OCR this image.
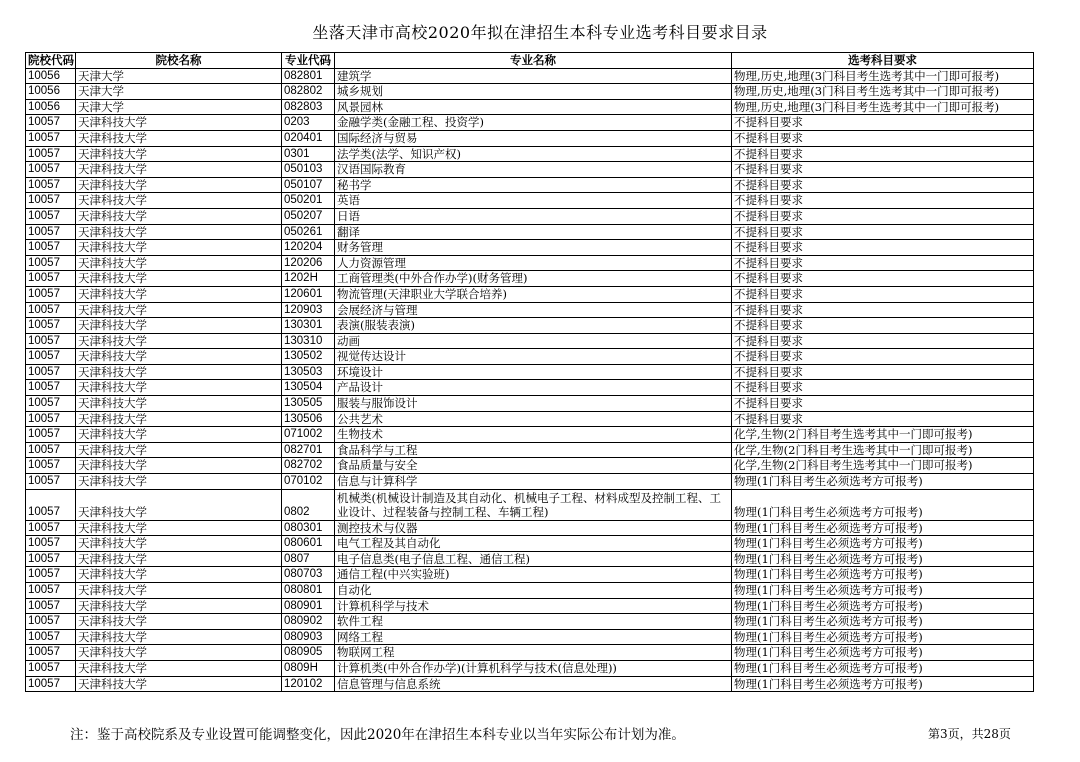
坐落天津市高校2020年拟在津招生本科专业选考科目要求目录
院校代码	院校名称	专业代码	专业名称	选考科目要求
10056	天津大学	082801	建筑学	物理,历史,地理(3门科目考生选考其中一门即可报考)
10056	天津大学	082802	城乡规划	物理,历史,地理(3门科目考生选考其中一门即可报考)
10056	天津大学	082803	风景园林	物理,历史,地理(3门科目考生选考其中一门即可报考)
10057	天津科技大学	0203	金融学类(金融工程、投资学)	不提科目要求
10057	天津科技大学	020401	国际经济与贸易	不提科目要求
10057	天津科技大学	0301	法学类(法学、知识产权)	不提科目要求
10057	天津科技大学	050103	汉语国际教育	不提科目要求
10057	天津科技大学	050107	秘书学	不提科目要求
10057	天津科技大学	050201	英语	不提科目要求
10057	天津科技大学	050207	日语	不提科目要求
10057	天津科技大学	050261	翻译	不提科目要求
10057	天津科技大学	120204	财务管理	不提科目要求
10057	天津科技大学	120206	人力资源管理	不提科目要求
10057	天津科技大学	1202H	工商管理类(中外合作办学)(财务管理)	不提科目要求
10057	天津科技大学	120601	物流管理(天津职业大学联合培养)	不提科目要求
10057	天津科技大学	120903	会展经济与管理	不提科目要求
10057	天津科技大学	130301	表演(服装表演)	不提科目要求
10057	天津科技大学	130310	动画	不提科目要求
10057	天津科技大学	130502	视觉传达设计	不提科目要求
10057	天津科技大学	130503	环境设计	不提科目要求
10057	天津科技大学	130504	产品设计	不提科目要求
10057	天津科技大学	130505	服装与服饰设计	不提科目要求
10057	天津科技大学	130506	公共艺术	不提科目要求
10057	天津科技大学	071002	生物技术	化学,生物(2门科目考生选考其中一门即可报考)
10057	天津科技大学	082701	食品科学与工程	化学,生物(2门科目考生选考其中一门即可报考)
10057	天津科技大学	082702	食品质量与安全	化学,生物(2门科目考生选考其中一门即可报考)
10057	天津科技大学	070102	信息与计算科学	物理(1门科目考生必须选考方可报考)
10057	天津科技大学	0802	机械类(机械设计制造及其自动化、机械电子工程、材料成型及控制工程、工业设计、过程装备与控制工程、车辆工程)	物理(1门科目考生必须选考方可报考)
10057	天津科技大学	080301	测控技术与仪器	物理(1门科目考生必须选考方可报考)
10057	天津科技大学	080601	电气工程及其自动化	物理(1门科目考生必须选考方可报考)
10057	天津科技大学	0807	电子信息类(电子信息工程、通信工程)	物理(1门科目考生必须选考方可报考)
10057	天津科技大学	080703	通信工程(中兴实验班)	物理(1门科目考生必须选考方可报考)
10057	天津科技大学	080801	自动化	物理(1门科目考生必须选考方可报考)
10057	天津科技大学	080901	计算机科学与技术	物理(1门科目考生必须选考方可报考)
10057	天津科技大学	080902	软件工程	物理(1门科目考生必须选考方可报考)
10057	天津科技大学	080903	网络工程	物理(1门科目考生必须选考方可报考)
10057	天津科技大学	080905	物联网工程	物理(1门科目考生必须选考方可报考)
10057	天津科技大学	0809H	计算机类(中外合作办学)(计算机科学与技术(信息处理))	物理(1门科目考生必须选考方可报考)
10057	天津科技大学	120102	信息管理与信息系统	物理(1门科目考生必须选考方可报考)
注：鉴于高校院系及专业设置可能调整变化，因此2020年在津招生本科专业以当年实际公布计划为准。	第3页，共28页
